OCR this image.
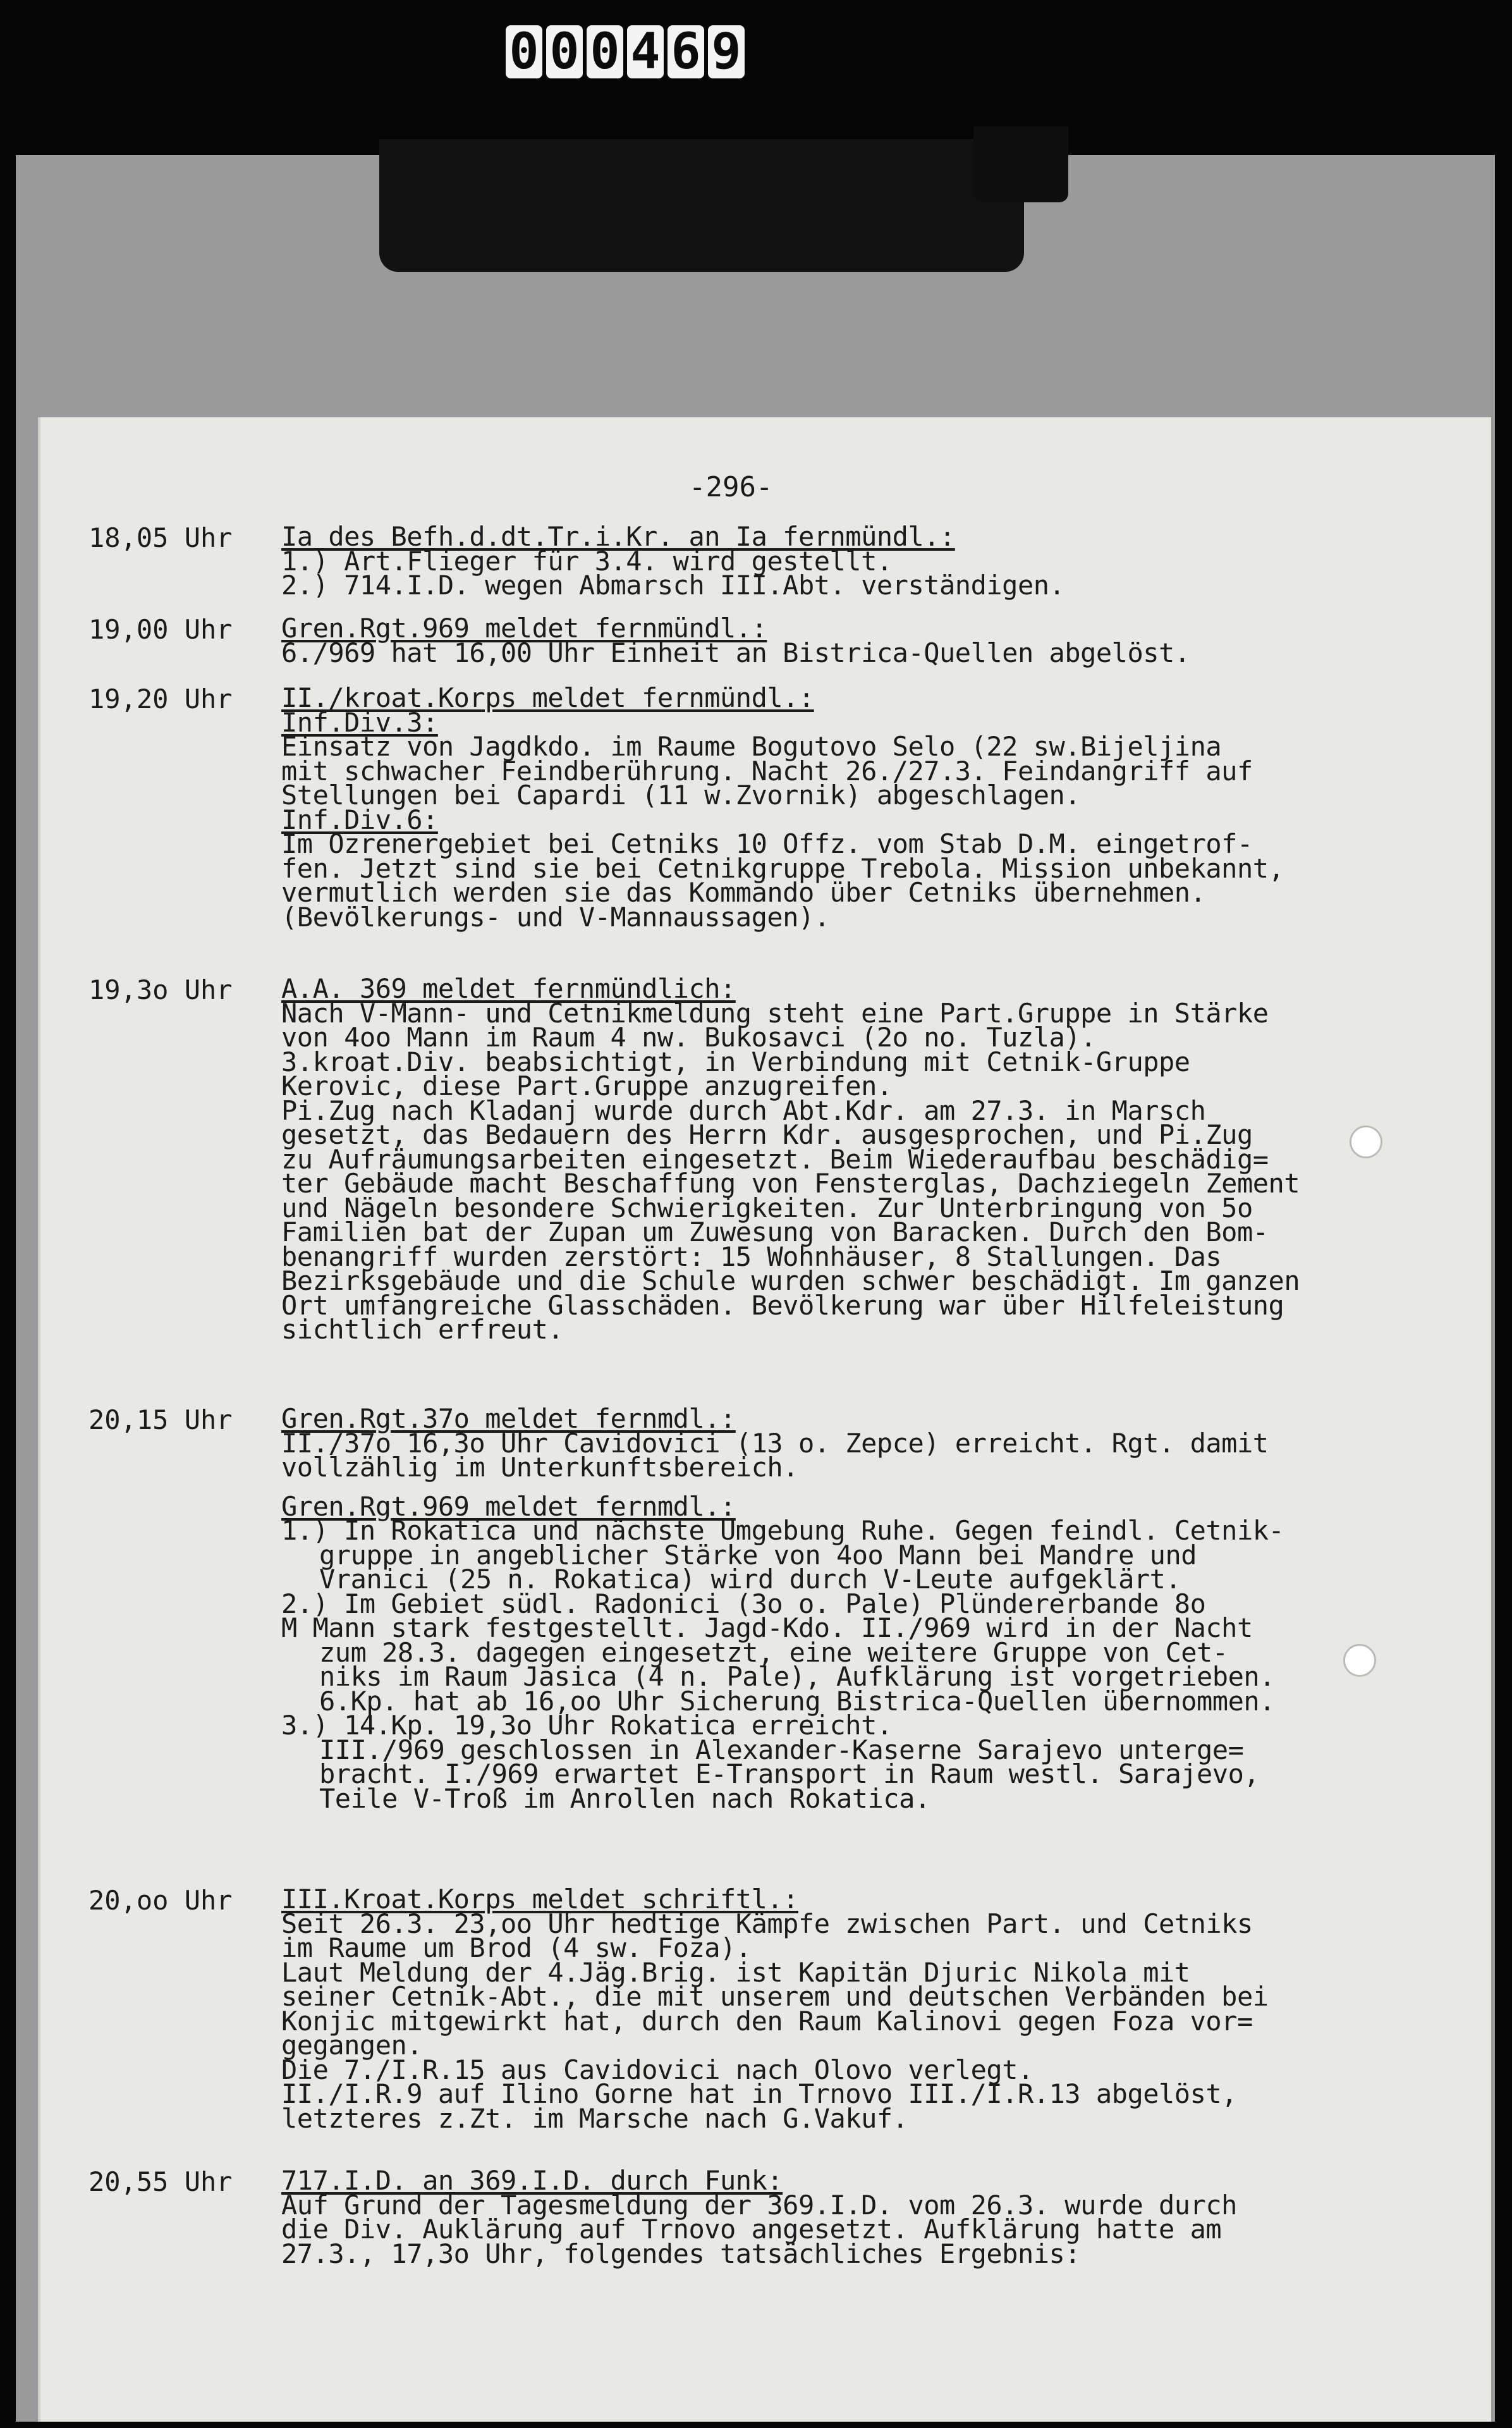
0 0 0 4 6 9
-296-
18,05 Uhr	Ia des Befh.d.dt.Tr.i.Kr. an Ia fernmündl.:
1.) Art.Flieger für 3.4. wird gestellt.
2.) 714.I.D. wegen Abmarsch III.Abt. verständigen.
19,00 Uhr	Gren.Rgt.969 meldet fernmündl.:
6./969 hat 16,00 Uhr Einheit an Bistrica-Quellen abgelöst.
19,20 Uhr	II./kroat.Korps meldet fernmündl.:
Inf.Div.3:
Einsatz von Jagdkdo. im Raume Bogutovo Selo (22 sw.Bijeljina
mit schwacher Feindberührung. Nacht 26./27.3. Feindangriff auf
Stellungen bei Capardi (11 w.Zvornik) abgeschlagen.
Inf.Div.6:
Im Ozrenergebiet bei Cetniks 10 Offz. vom Stab D.M. eingetrof-
fen. Jetzt sind sie bei Cetnikgruppe Trebola. Mission unbekannt,
vermutlich werden sie das Kommando über Cetniks übernehmen.
(Bevölkerungs- und V-Mannaussagen).
19,3o Uhr	A.A. 369 meldet fernmündlich:
Nach V-Mann- und Cetnikmeldung steht eine Part.Gruppe in Stärke
von 4oo Mann im Raum 4 nw. Bukosavci (2o no. Tuzla).
3.kroat.Div. beabsichtigt, in Verbindung mit Cetnik-Gruppe
Kerovic, diese Part.Gruppe anzugreifen.
Pi.Zug nach Kladanj wurde durch Abt.Kdr. am 27.3. in Marsch
gesetzt, das Bedauern des Herrn Kdr. ausgesprochen, und Pi.Zug
zu Aufräumungsarbeiten eingesetzt. Beim Wiederaufbau beschädig=
ter Gebäude macht Beschaffung von Fensterglas, Dachziegeln Zement
und Nägeln besondere Schwierigkeiten. Zur Unterbringung von 5o
Familien bat der Zupan um Zuwesung von Baracken. Durch den Bom-
benangriff wurden zerstört: 15 Wohnhäuser, 8 Stallungen. Das
Bezirksgebäude und die Schule wurden schwer beschädigt. Im ganzen
Ort umfangreiche Glasschäden. Bevölkerung war über Hilfeleistung
sichtlich erfreut.
20,15 Uhr	Gren.Rgt.37o meldet fernmdl.:
II./37o 16,3o Uhr Cavidovici (13 o. Zepce) erreicht. Rgt. damit
vollzählig im Unterkunftsbereich.
Gren.Rgt.969 meldet fernmdl.:
1.) In Rokatica und nächste Umgebung Ruhe. Gegen feindl. Cetnik-
gruppe in angeblicher Stärke von 4oo Mann bei Mandre und
Vranici (25 n. Rokatica) wird durch V-Leute aufgeklärt.
2.) Im Gebiet südl. Radonici (3o o. Pale) Plündererbande 8o
M Mann stark festgestellt. Jagd-Kdo. II./969 wird in der Nacht
zum 28.3. dagegen eingesetzt, eine weitere Gruppe von Cet-
niks im Raum Jasica (4 n. Pale), Aufklärung ist vorgetrieben.
6.Kp. hat ab 16,oo Uhr Sicherung Bistrica-Quellen übernommen.
3.) 14.Kp. 19,3o Uhr Rokatica erreicht.
III./969 geschlossen in Alexander-Kaserne Sarajevo unterge=
bracht. I./969 erwartet E-Transport in Raum westl. Sarajevo,
Teile V-Troß im Anrollen nach Rokatica.
20,oo Uhr	III.Kroat.Korps meldet schriftl.:
Seit 26.3. 23,oo Uhr hedtige Kämpfe zwischen Part. und Cetniks
im Raume um Brod (4 sw. Foza).
Laut Meldung der 4.Jäg.Brig. ist Kapitän Djuric Nikola mit
seiner Cetnik-Abt., die mit unserem und deutschen Verbänden bei
Konjic mitgewirkt hat, durch den Raum Kalinovi gegen Foza vor=
gegangen.
Die 7./I.R.15 aus Cavidovici nach Olovo verlegt.
II./I.R.9 auf Ilino Gorne hat in Trnovo III./I.R.13 abgelöst,
letzteres z.Zt. im Marsche nach G.Vakuf.
20,55 Uhr	717.I.D. an 369.I.D. durch Funk:
Auf Grund der Tagesmeldung der 369.I.D. vom 26.3. wurde durch
die Div. Auklärung auf Trnovo angesetzt. Aufklärung hatte am
27.3., 17,3o Uhr, folgendes tatsächliches Ergebnis:
